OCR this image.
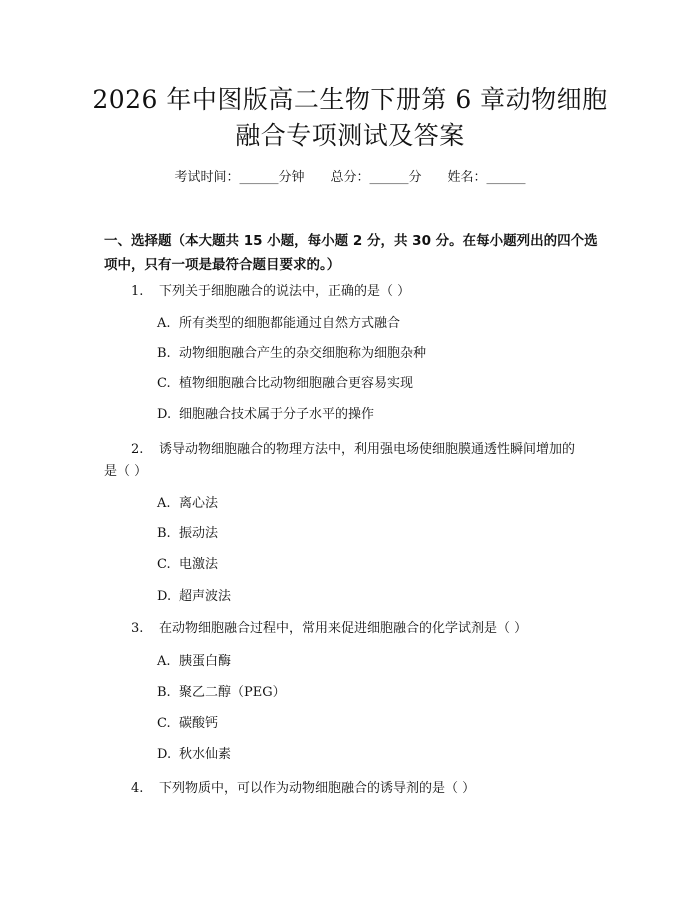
2026 年中图版高二生物下册第 6 章动物细胞
融合专项测试及答案
考试时间：______分钟 总分：______分 姓名：______
一、选择题（本大题共 15 小题，每小题 2 分，共 30 分。在每小题列出的四个选
项中，只有一项是最符合题目要求的。）
1. 下列关于细胞融合的说法中，正确的是（ ）
A. 所有类型的细胞都能通过自然方式融合
B. 动物细胞融合产生的杂交细胞称为细胞杂种
C. 植物细胞融合比动物细胞融合更容易实现
D. 细胞融合技术属于分子水平的操作
2. 诱导动物细胞融合的物理方法中，利用强电场使细胞膜通透性瞬间增加的
是（ ）
A. 离心法
B. 振动法
C. 电激法
D. 超声波法
3. 在动物细胞融合过程中，常用来促进细胞融合的化学试剂是（ ）
A. 胰蛋白酶
B. 聚乙二醇（PEG）
C. 碳酸钙
D. 秋水仙素
4. 下列物质中，可以作为动物细胞融合的诱导剂的是（ ）
